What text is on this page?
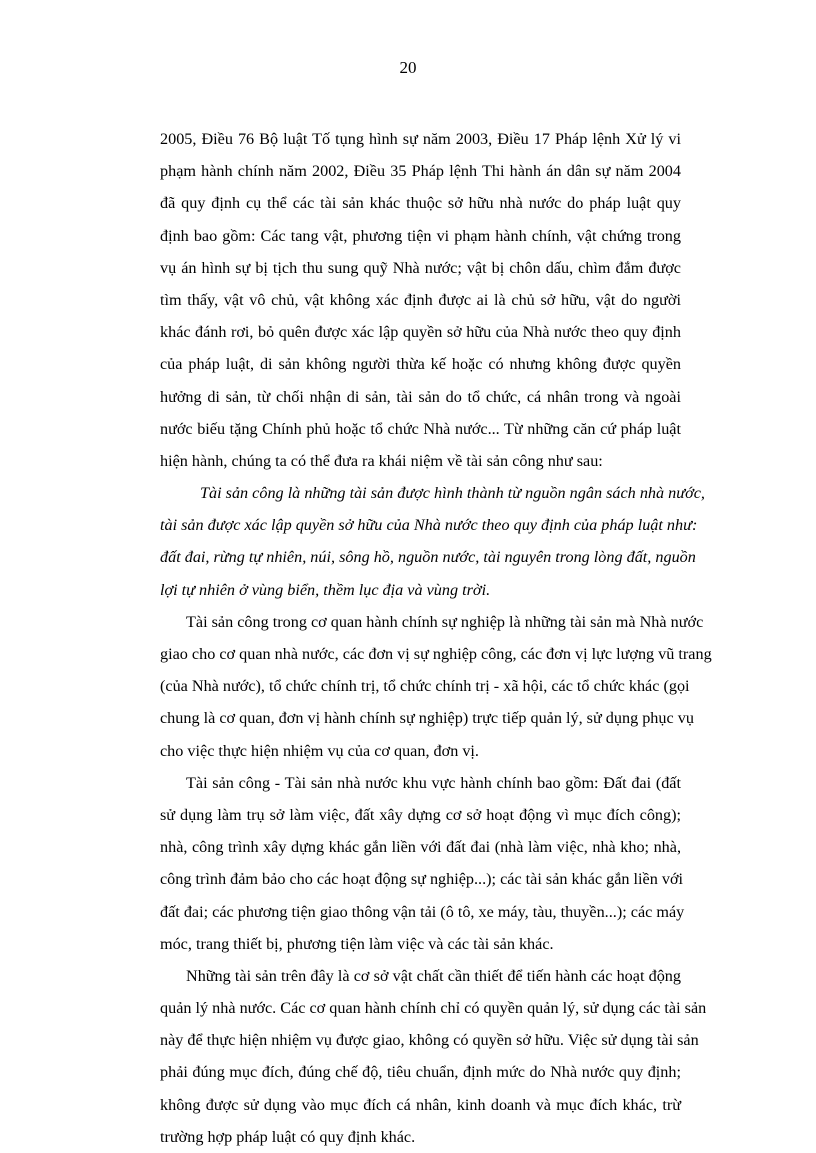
20
2005, Điều 76 Bộ luật Tố tụng hình sự năm 2003, Điều 17 Pháp lệnh Xử lý vi
phạm hành chính năm 2002, Điều 35 Pháp lệnh Thi hành án dân sự năm 2004
đã quy định cụ thể các tài sản khác thuộc sở hữu nhà nước do pháp luật quy
định bao gồm: Các tang vật, phương tiện vi phạm hành chính, vật chứng trong
vụ án hình sự bị tịch thu sung quỹ Nhà nước; vật bị chôn dấu, chìm đắm được
tìm thấy, vật vô chủ, vật không xác định được ai là chủ sở hữu, vật do người
khác đánh rơi, bỏ quên được xác lập quyền sở hữu của Nhà nước theo quy định
của pháp luật, di sản không người thừa kế hoặc có nhưng không được quyền
hưởng di sản, từ chối nhận di sản, tài sản do tổ chức, cá nhân trong và ngoài
nước biếu tặng Chính phủ hoặc tổ chức Nhà nước... Từ những căn cứ pháp luật
hiện hành, chúng ta có thể đưa ra khái niệm về tài sản công như sau:
Tài sản công là những tài sản được hình thành từ nguồn ngân sách nhà nước,
tài sản được xác lập quyền sở hữu của Nhà nước theo quy định của pháp luật như:
đất đai, rừng tự nhiên, núi, sông hồ, nguồn nước, tài nguyên trong lòng đất, nguồn
lợi tự nhiên ở vùng biển, thềm lục địa và vùng trời.
Tài sản công trong cơ quan hành chính sự nghiệp là những tài sản mà Nhà nước
giao cho cơ quan nhà nước, các đơn vị sự nghiệp công, các đơn vị lực lượng vũ trang
(của Nhà nước), tổ chức chính trị, tổ chức chính trị - xã hội, các tổ chức khác (gọi
chung là cơ quan, đơn vị hành chính sự nghiệp) trực tiếp quản lý, sử dụng phục vụ
cho việc thực hiện nhiệm vụ của cơ quan, đơn vị.
Tài sản công - Tài sản nhà nước khu vực hành chính bao gồm: Đất đai (đất
sử dụng làm trụ sở làm việc, đất xây dựng cơ sở hoạt động vì mục đích công);
nhà, công trình xây dựng khác gắn liền với đất đai (nhà làm việc, nhà kho; nhà,
công trình đảm bảo cho các hoạt động sự nghiệp...); các tài sản khác gắn liền với
đất đai; các phương tiện giao thông vận tải (ô tô, xe máy, tàu, thuyền...); các máy
móc, trang thiết bị, phương tiện làm việc và các tài sản khác.
Những tài sản trên đây là cơ sở vật chất cần thiết để tiến hành các hoạt động
quản lý nhà nước. Các cơ quan hành chính chỉ có quyền quản lý, sử dụng các tài sản
này để thực hiện nhiệm vụ được giao, không có quyền sở hữu. Việc sử dụng tài sản
phải đúng mục đích, đúng chế độ, tiêu chuẩn, định mức do Nhà nước quy định;
không được sử dụng vào mục đích cá nhân, kinh doanh và mục đích khác, trừ
trường hợp pháp luật có quy định khác.
